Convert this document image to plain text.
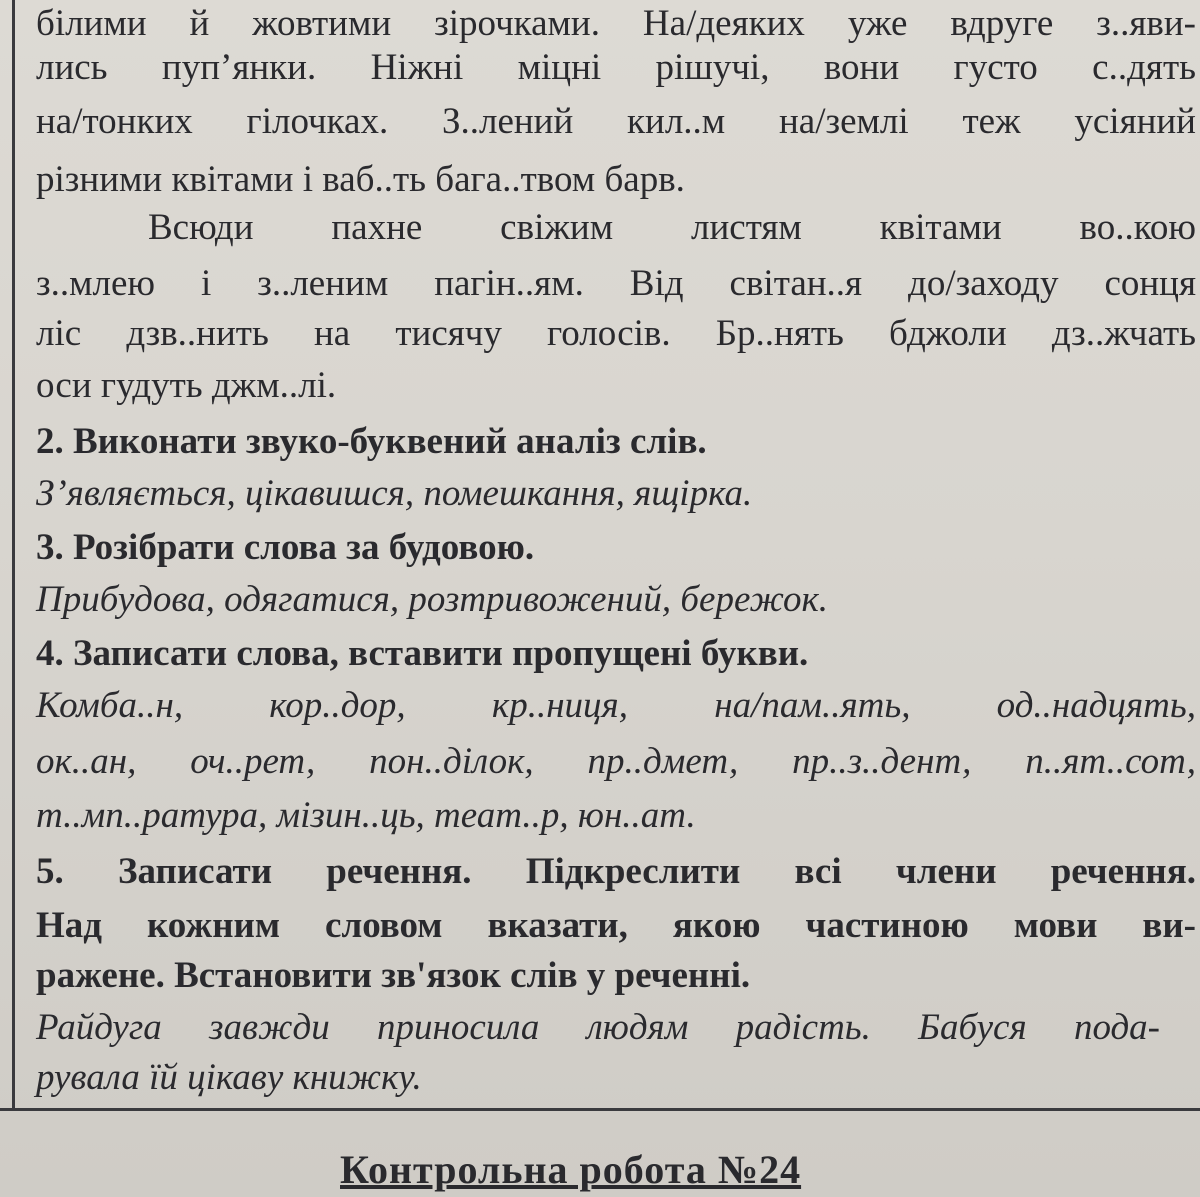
білими й жовтими зірочками. На/деяких уже вдруге з..яви-
лись пуп’янки. Ніжні міцні рішучі, вони густо с..дять
на/тонких гілочках. З..лений кил..м на/землі теж усіяний
різними квітами і ваб..ть бага..твом барв.
Всюди пахне свіжим листям квітами во..кою
з..млею і з..леним пагін..ям. Від світан..я до/заходу сонця
ліс дзв..нить на тисячу голосів. Бр..нять бджоли дз..жчать
оси гудуть джм..лі.
2. Виконати звуко-буквений аналіз слів.
З’являється, цікавишся, помешкання, ящірка.
3. Розібрати слова за будовою.
Прибудова, одягатися, розтривожений, бережок.
4. Записати слова, вставити пропущені букви.
Комба..н, кор..дор, кр..ниця, на/пам..ять, од..надцять,
ок..ан, оч..рет, пон..ділок, пр..дмет, пр..з..дент, п..ят..сот,
т..мп..ратура, мізин..ць, теат..р, юн..ат.
5. Записати речення. Підкреслити всі члени речення.
Над кожним словом вказати, якою частиною мови ви-
ражене. Встановити зв'язок слів у реченні.
Райдуга завжди приносила людям радість. Бабуся пода-
рувала їй цікаву книжку.
Контрольна робота №24
